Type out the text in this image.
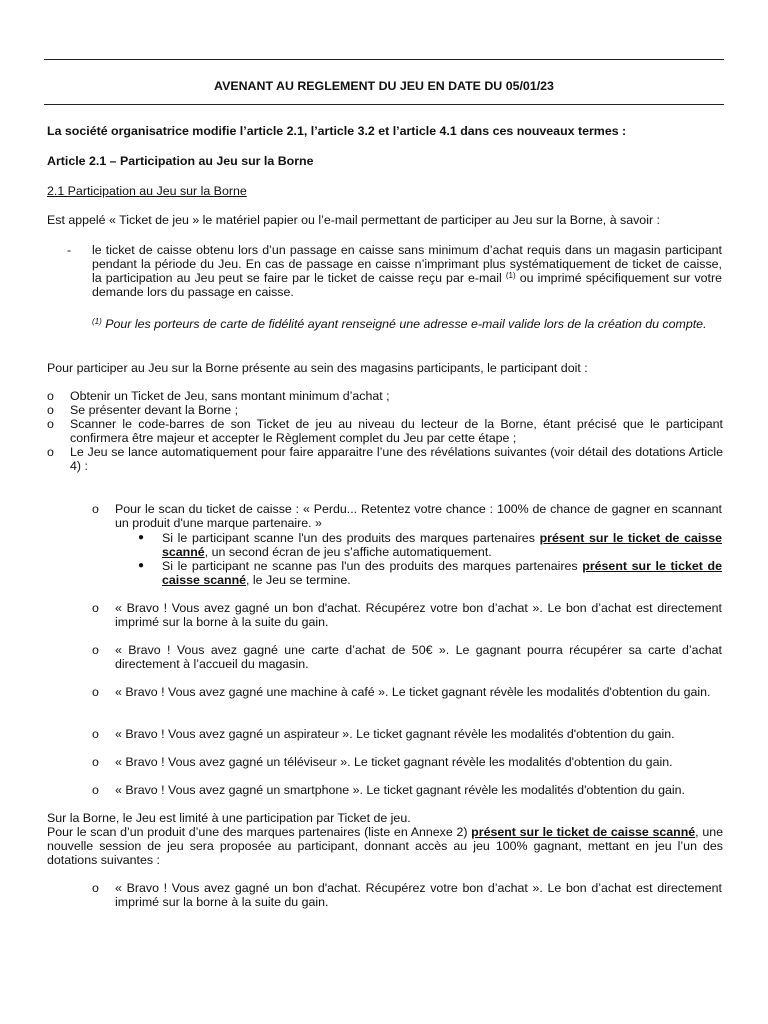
AVENANT AU REGLEMENT DU JEU EN DATE DU 05/01/23
La société organisatrice modifie l’article 2.1, l’article 3.2 et l’article 4.1 dans ces nouveaux termes :
Article 2.1 – Participation au Jeu sur la Borne
2.1 Participation au Jeu sur la Borne
Est appelé « Ticket de jeu » le matériel papier ou l’e-mail permettant de participer au Jeu sur la Borne, à savoir :
- le ticket de caisse obtenu lors d’un passage en caisse sans minimum d’achat requis dans un magasin participant pendant la période du Jeu. En cas de passage en caisse n’imprimant plus systématiquement de ticket de caisse, la participation au Jeu peut se faire par le ticket de caisse reçu par e-mail $^{(1)}$ ou imprimé spécifiquement sur votre demande lors du passage en caisse.
$^{(1)}$ Pour les porteurs de carte de fidélité ayant renseigné une adresse e-mail valide lors de la création du compte.
Pour participer au Jeu sur la Borne présente au sein des magasins participants, le participant doit :
o Obtenir un Ticket de Jeu, sans montant minimum d’achat ;
o Se présenter devant la Borne ;
o Scanner le code-barres de son Ticket de jeu au niveau du lecteur de la Borne, étant précisé que le participant confirmera être majeur et accepter le Règlement complet du Jeu par cette étape ;
o Le Jeu se lance automatiquement pour faire apparaitre l’une des révélations suivantes (voir détail des dotations Article 4) :
o Pour le scan du ticket de caisse : « Perdu... Retentez votre chance : 100% de chance de gagner en scannant un produit d'une marque partenaire. »
● Si le participant scanne l'un des produits des marques partenaires présent sur le ticket de caisse scanné, un second écran de jeu s’affiche automatiquement.
● Si le participant ne scanne pas l'un des produits des marques partenaires présent sur le ticket de caisse scanné, le Jeu se termine.
o « Bravo ! Vous avez gagné un bon d'achat. Récupérez votre bon d’achat ». Le bon d’achat est directement imprimé sur la borne à la suite du gain.
o « Bravo ! Vous avez gagné une carte d’achat de 50€ ». Le gagnant pourra récupérer sa carte d’achat directement à l’accueil du magasin.
o « Bravo ! Vous avez gagné une machine à café ». Le ticket gagnant révèle les modalités d'obtention du gain.
o « Bravo ! Vous avez gagné un aspirateur ». Le ticket gagnant révèle les modalités d'obtention du gain.
o « Bravo ! Vous avez gagné un téléviseur ». Le ticket gagnant révèle les modalités d'obtention du gain.
o « Bravo ! Vous avez gagné un smartphone ». Le ticket gagnant révèle les modalités d'obtention du gain.
Sur la Borne, le Jeu est limité à une participation par Ticket de jeu.
Pour le scan d’un produit d’une des marques partenaires (liste en Annexe 2) présent sur le ticket de caisse scanné, une nouvelle session de jeu sera proposée au participant, donnant accès au jeu 100% gagnant, mettant en jeu l’un des dotations suivantes :
o « Bravo ! Vous avez gagné un bon d'achat. Récupérez votre bon d’achat ». Le bon d’achat est directement imprimé sur la borne à la suite du gain.
